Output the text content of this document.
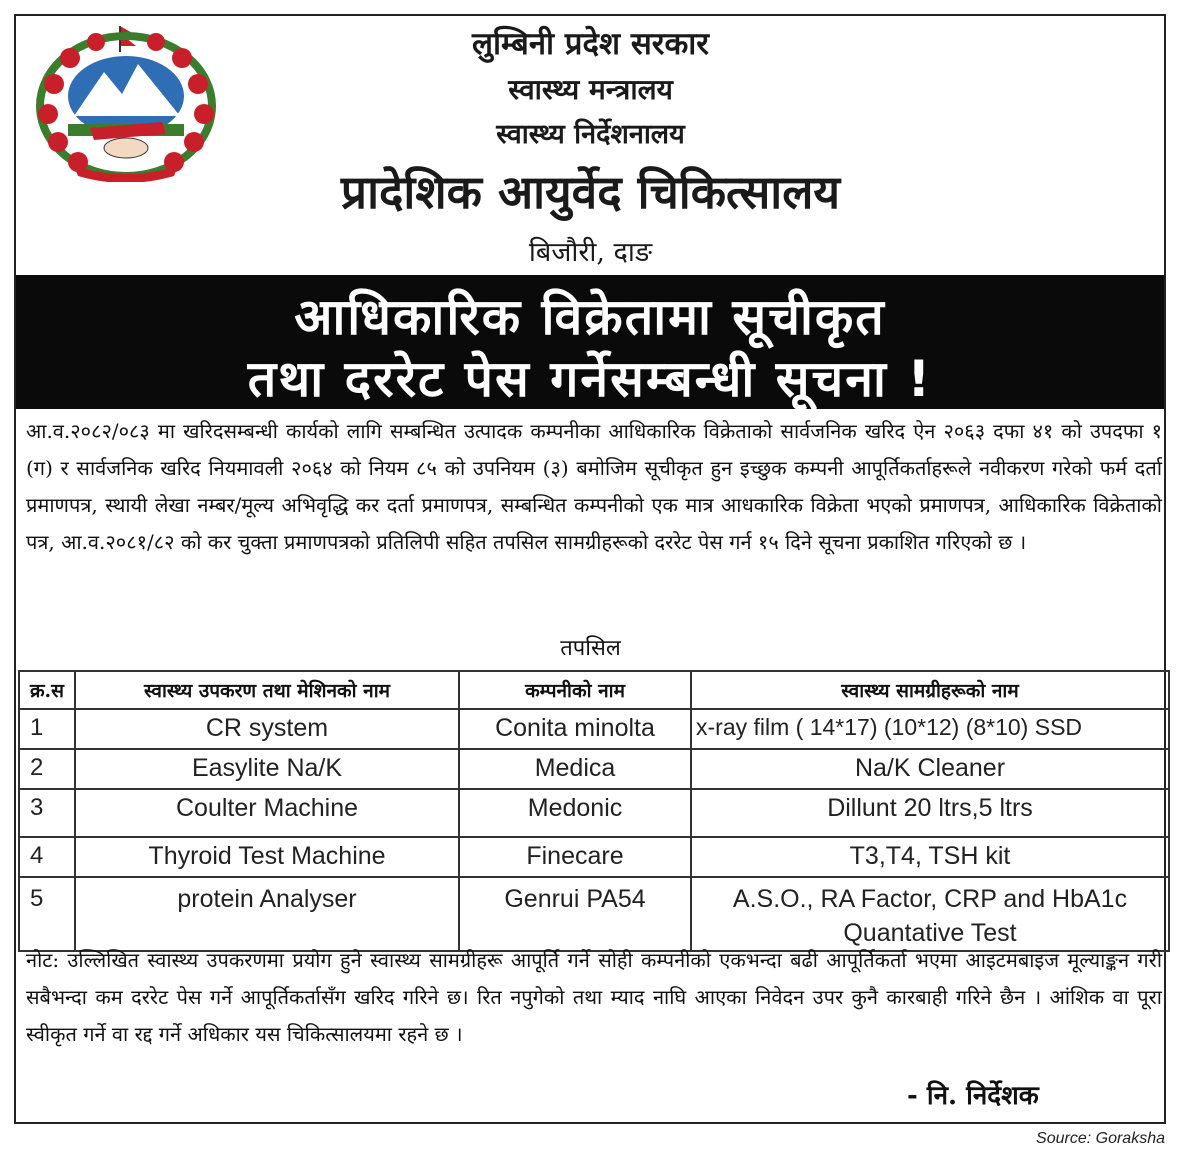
लुम्बिनी प्रदेश सरकार
स्वास्थ्य मन्त्रालय
स्वास्थ्य निर्देशनालय
प्रादेशिक आयुर्वेद चिकित्सालय
बिजौरी, दाङ
आधिकारिक विक्रेतामा सूचीकृत
तथा दररेट पेस गर्नेसम्बन्धी सूचना !
आ.व.२०८२/०८३ मा खरिदसम्बन्धी कार्यको लागि सम्बन्धित उत्पादक कम्पनीका आधिकारिक विक्रेताको सार्वजनिक खरिद ऐन २०६३ दफा ४१ को उपदफा १ (ग) र सार्वजनिक खरिद नियमावली २०६४ को नियम ८५ को उपनियम (३) बमोजिम सूचीकृत हुन इच्छुक कम्पनी आपूर्तिकर्ताहरूले नवीकरण गरेको फर्म दर्ता प्रमाणपत्र, स्थायी लेखा नम्बर/मूल्य अभिवृद्धि कर दर्ता प्रमाणपत्र, सम्बन्धित कम्पनीको एक मात्र आधकारिक विक्रेता भएको प्रमाणपत्र, आधिकारिक विक्रेताको पत्र, आ.व.२०८१/८२ को कर चुक्ता प्रमाणपत्रको प्रतिलिपी सहित तपसिल सामग्रीहरूको दररेट पेस गर्न १५ दिने सूचना प्रकाशित गरिएको छ ।
तपसिल
क्र.स	स्वास्थ्य उपकरण तथा मेशिनको नाम	कम्पनीको नाम	स्वास्थ्य सामग्रीहरूको नाम
1	CR system	Conita minolta	x-ray film ( 14*17) (10*12) (8*10) SSD
2	Easylite Na/K	Medica	Na/K Cleaner
3	Coulter Machine	Medonic	Dillunt 20 ltrs,5 ltrs
4	Thyroid Test Machine	Finecare	T3,T4, TSH kit
5	protein Analyser	Genrui PA54	A.S.O., RA Factor, CRP and HbA1c Quantative Test
नोट: उल्लिखित स्वास्थ्य उपकरणमा प्रयोग हुने स्वास्थ्य सामग्रीहरू आपूर्ति गर्ने सोही कम्पनीको एकभन्दा बढी आपूर्तिकर्ता भएमा आइटमबाइज मूल्याङ्कन गरी सबैभन्दा कम दररेट पेस गर्ने आपूर्तिकर्तासँग खरिद गरिने छ। रित नपुगेको तथा म्याद नाघि आएका निवेदन उपर कुनै कारबाही गरिने छैन । आंशिक वा पूरा स्वीकृत गर्ने वा रद्द गर्ने अधिकार यस चिकित्सालयमा रहने छ ।
- नि. निर्देशक
Source: Goraksha
